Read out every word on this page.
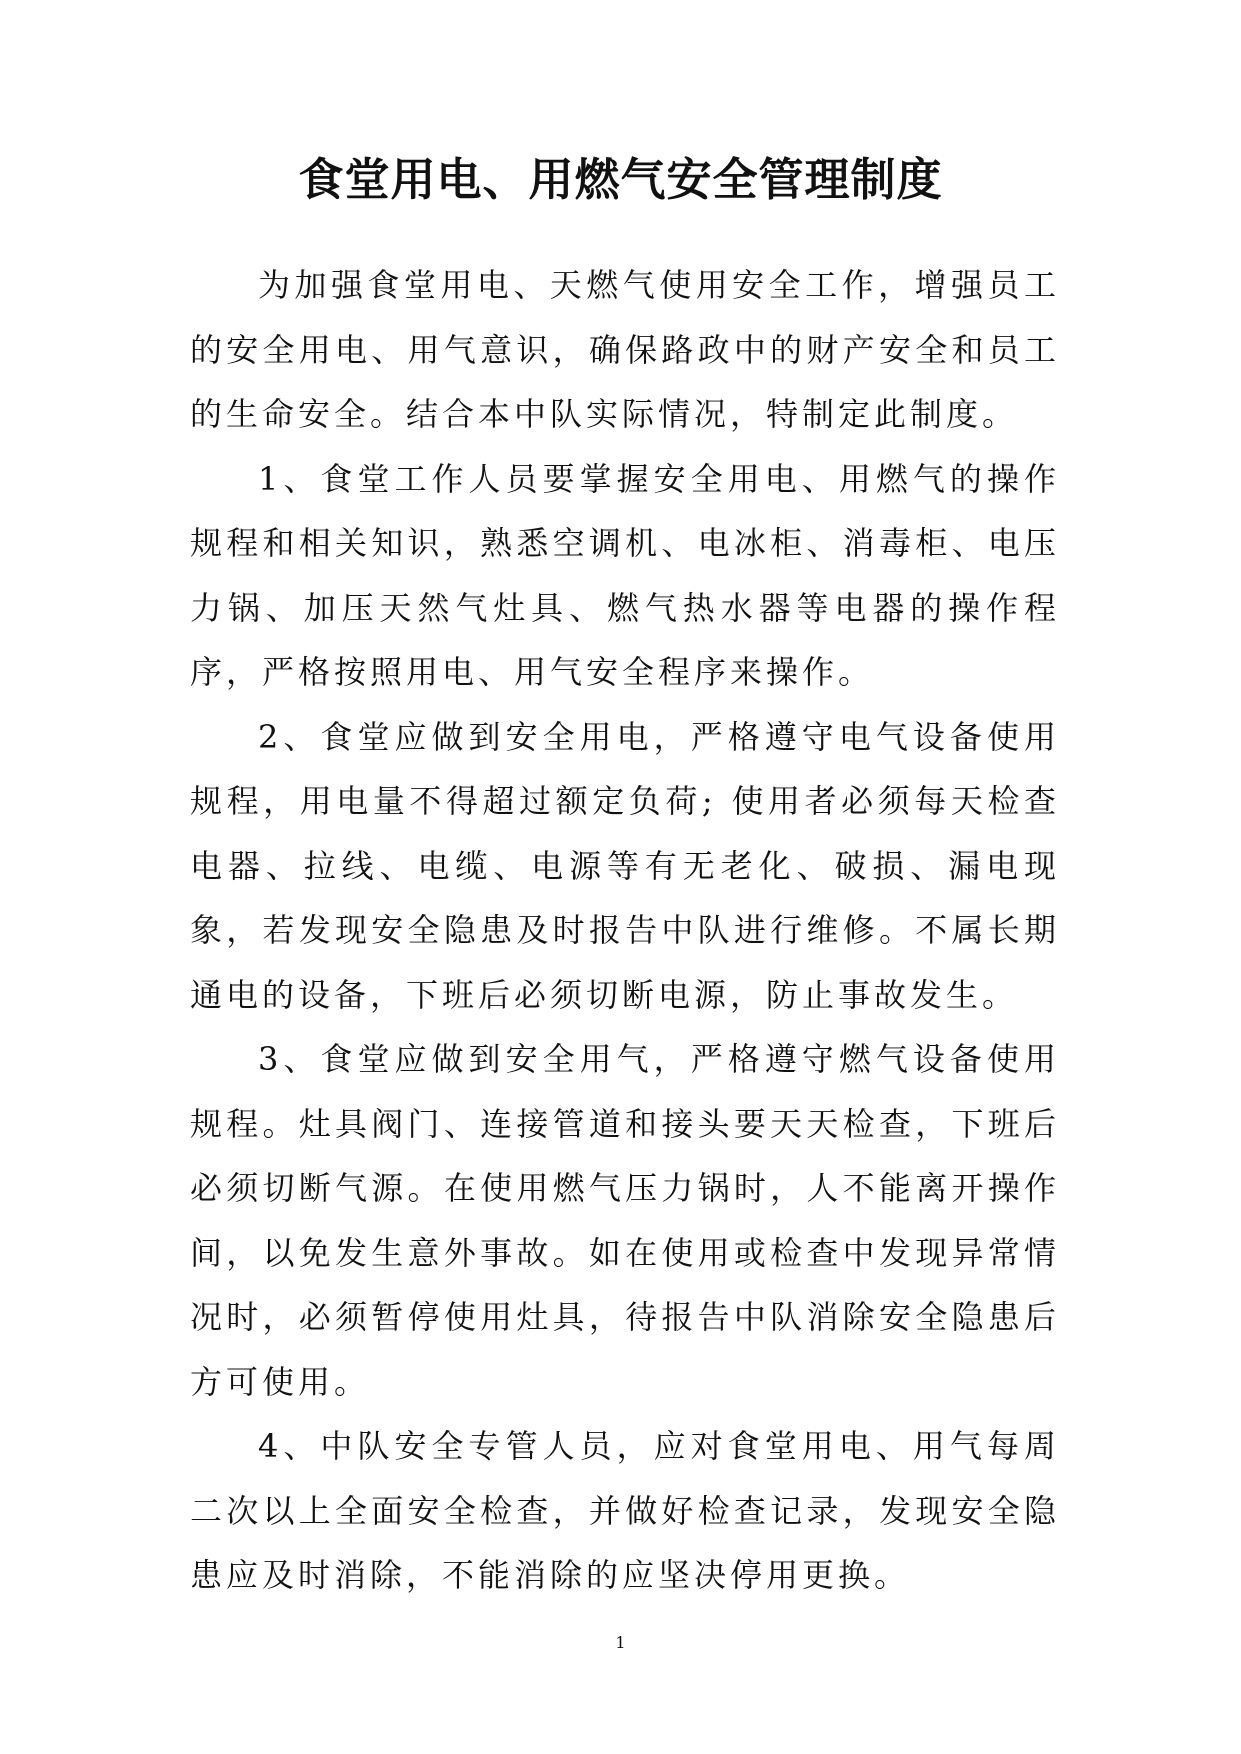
食堂用电、用燃气安全管理制度

为加强食堂用电、天燃气使用安全工作，增强员工的安全用电、用气意识，确保路政中的财产安全和员工的生命安全。结合本中队实际情况，特制定此制度。

1、食堂工作人员要掌握安全用电、用燃气的操作规程和相关知识，熟悉空调机、电冰柜、消毒柜、电压力锅、加压天然气灶具、燃气热水器等电器的操作程序，严格按照用电、用气安全程序来操作。

2、食堂应做到安全用电，严格遵守电气设备使用规程，用电量不得超过额定负荷; 使用者必须每天检查电器、拉线、电缆、电源等有无老化、破损、漏电现象，若发现安全隐患及时报告中队进行维修。不属长期通电的设备，下班后必须切断电源，防止事故发生。

3、食堂应做到安全用气，严格遵守燃气设备使用规程。灶具阀门、连接管道和接头要天天检查，下班后必须切断气源。在使用燃气压力锅时，人不能离开操作间，以免发生意外事故。如在使用或检查中发现异常情况时，必须暂停使用灶具，待报告中队消除安全隐患后方可使用。

4、中队安全专管人员，应对食堂用电、用气每周二次以上全面安全检查，并做好检查记录，发现安全隐患应及时消除，不能消除的应坚决停用更换。

1
